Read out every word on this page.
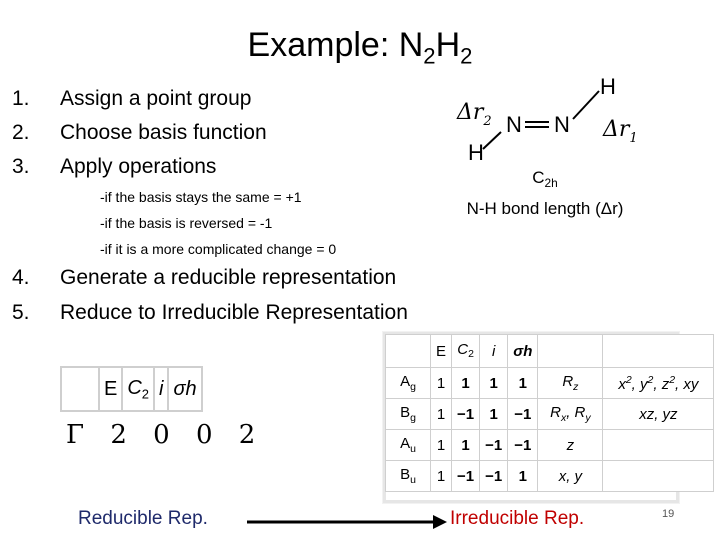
Example: $N_2H_2$
1. Assign a point group
2. Choose basis function
3. Apply operations
-if the basis stays the same = +1
-if the basis is reversed = -1
-if it is a more complicated change = 0
4. Generate a reducible representation
5. Reduce to Irreducible Representation
N N
H
H
$\Delta r_2$	$\Delta r_1$
$C_{2h}$
N-H bond length (Δr)
	E	$C_2$	i	σh
Γ 2 0 0 2
	E	$C_2$	i	σh		
$A_g$	1	1	1	1	$R_z$	$x^2$, $y^2$, $z^2$, xy
$B_g$	1	−1	1	−1	$R_x$, $R_y$	xz, yz
$A_u$	1	1	−1	−1	z	
$B_u$	1	−1	−1	1	x, y	
Reducible Rep.	Irreducible Rep.	19
